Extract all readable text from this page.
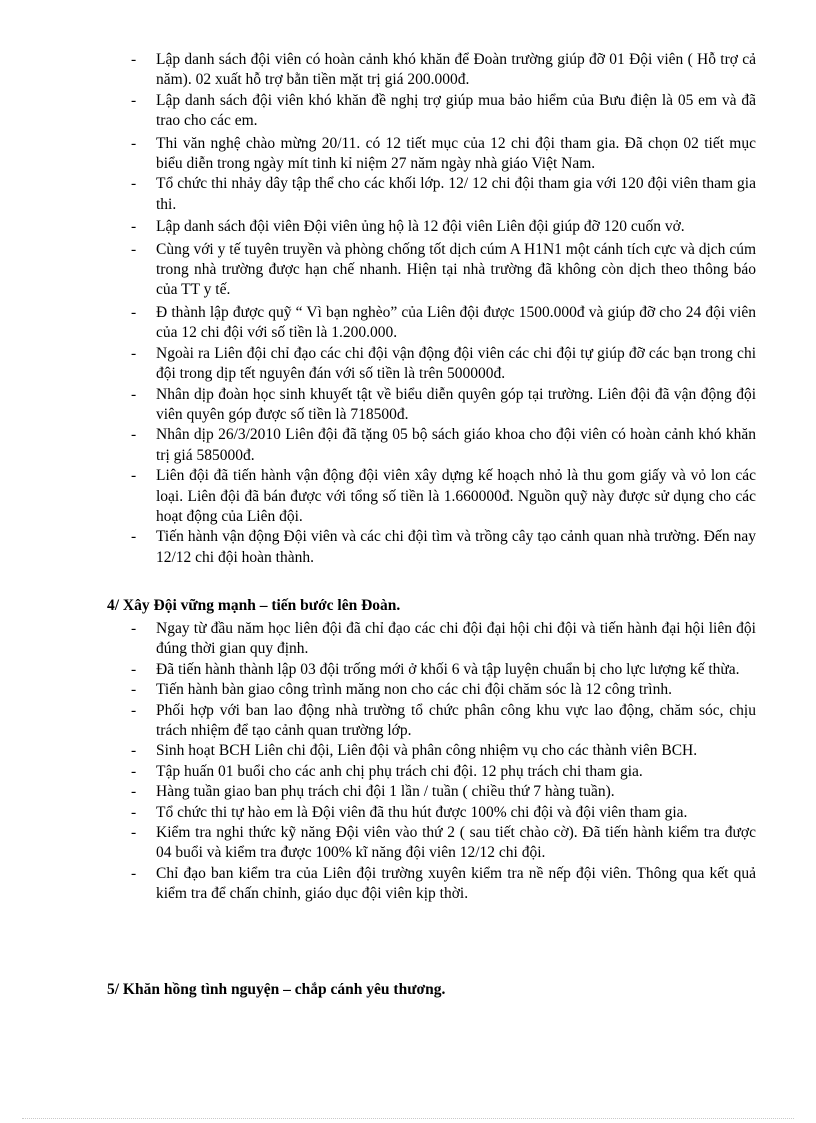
- Lập danh sách đội viên có hoàn cảnh khó khăn để Đoàn trường giúp đỡ 01 Đội viên ( Hỗ trợ cả năm). 02 xuất hỗ trợ bằn tiền mặt trị giá 200.000đ.
- Lập danh sách đội viên khó khăn đề nghị trợ giúp mua bảo hiểm của Bưu điện là 05 em và đã trao cho các em.
- Thi văn nghệ chào mừng 20/11. có 12 tiết mục của 12 chi đội tham gia. Đã chọn 02 tiết mục biểu diễn trong ngày mít tinh kỉ niệm 27 năm ngày nhà giáo Việt Nam.
- Tổ chức thi nhảy dây tập thể cho các khối lớp. 12/ 12 chi đội tham gia với 120 đội viên tham gia thi.
- Lập danh sách đội viên Đội viên ủng hộ là 12 đội viên Liên đội giúp đỡ 120 cuốn vở.
- Cùng với y tế tuyên truyền và phòng chống tốt dịch cúm A H1N1 một cánh tích cực và dịch cúm trong nhà trường được hạn chế nhanh. Hiện tại nhà trường đã không còn dịch theo thông báo của TT y tế.
- Đ thành lập được quỹ “ Vì bạn nghèo” của Liên đội được 1500.000đ và giúp đỡ cho 24 đội viên của 12 chi đội với số tiền là 1.200.000.
- Ngoài ra Liên đội chỉ đạo các chi đội vận động đội viên các chi đội tự giúp đỡ các bạn trong chi đội trong dịp tết nguyên đán với số tiền là trên 500000đ.
- Nhân dịp đoàn học sinh khuyết tật về biểu diễn quyên góp tại trường. Liên đội đã vận động đội viên quyên góp được số tiền là 718500đ.
- Nhân dịp 26/3/2010 Liên đội đã tặng 05 bộ sách giáo khoa cho đội viên có hoàn cảnh khó khăn trị giá 585000đ.
- Liên đội đã tiến hành vận động đội viên xây dựng kế hoạch nhỏ là thu gom giấy và vỏ lon các loại. Liên đội đã bán được với tổng số tiền là 1.660000đ. Nguồn quỹ này được sử dụng cho các hoạt động của Liên đội.
- Tiến hành vận động Đội viên và các chi đội tìm và trồng cây tạo cảnh quan nhà trường. Đến nay 12/12 chi đội hoàn thành.
4/ Xây Đội vững mạnh – tiến bước lên Đoàn.
- Ngay từ đầu năm học liên đội đã chỉ đạo các chi đội đại hội chi đội và tiến hành đại hội liên đội đúng thời gian quy định.
- Đã tiến hành thành lập 03 đội trống mới ở khối 6 và tập luyện chuẩn bị cho lực lượng kế thừa.
- Tiến hành bàn giao công trình măng non cho các chi đội chăm sóc là 12 công trình.
- Phối hợp với ban lao động nhà trường tổ chức phân công khu vực lao động, chăm sóc, chịu trách nhiệm để tạo cảnh quan trường lớp.
- Sinh hoạt BCH Liên chi đội, Liên đội và phân công nhiệm vụ cho các thành viên BCH.
- Tập huấn 01 buổi cho các anh chị phụ trách chi đội. 12 phụ trách chi tham gia.
- Hàng tuần giao ban phụ trách chi đội 1 lần / tuần ( chiều thứ 7 hàng tuần).
- Tổ chức thi tự hào em là Đội viên đã thu hút được 100% chi đội và đội viên tham gia.
- Kiểm tra nghi thức kỹ năng Đội viên vào thứ 2 ( sau tiết chào cờ). Đã tiến hành kiểm tra được 04 buổi và kiểm tra được 100% kĩ năng đội viên 12/12 chi đội.
- Chỉ đạo ban kiểm tra của Liên đội trường xuyên kiểm tra nề nếp đội viên. Thông qua kết quả kiểm tra để chấn chỉnh, giáo dục đội viên kịp thời.
5/ Khăn hồng tình nguyện – chắp cánh yêu thương.
